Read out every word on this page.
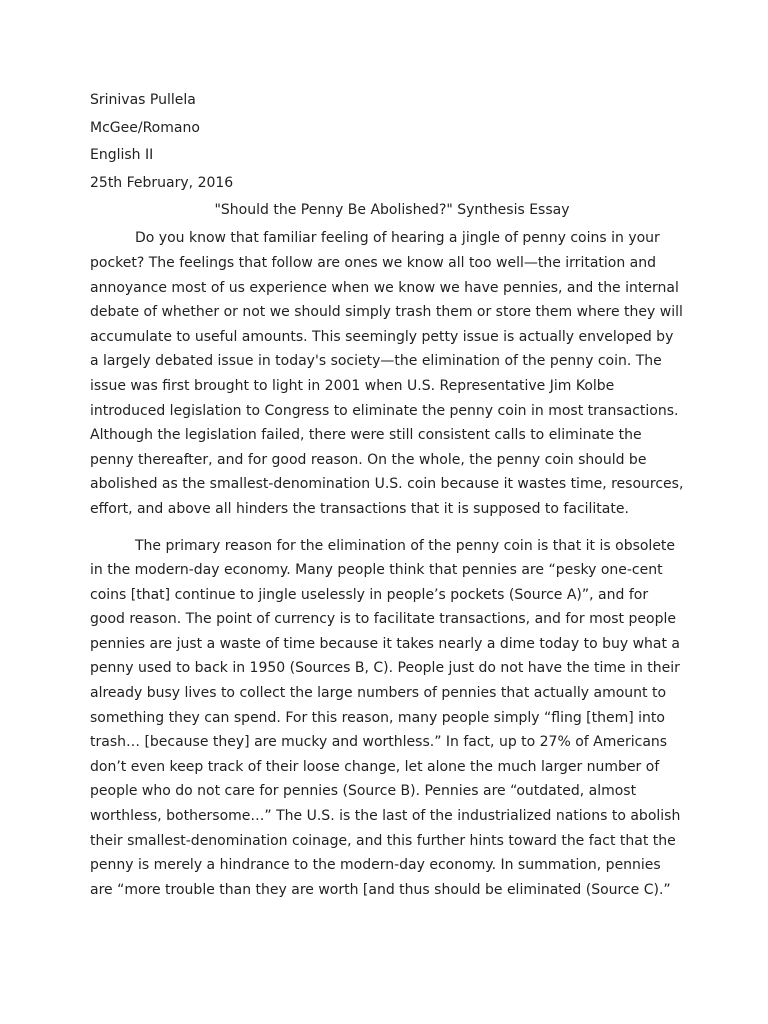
Srinivas Pullela
McGee/Romano
English II
25th February, 2016
"Should the Penny Be Abolished?" Synthesis Essay

Do you know that familiar feeling of hearing a jingle of penny coins in your
pocket? The feelings that follow are ones we know all too well—the irritation and
annoyance most of us experience when we know we have pennies, and the internal
debate of whether or not we should simply trash them or store them where they will
accumulate to useful amounts. This seemingly petty issue is actually enveloped by
a largely debated issue in today's society—the elimination of the penny coin. The
issue was first brought to light in 2001 when U.S. Representative Jim Kolbe
introduced legislation to Congress to eliminate the penny coin in most transactions.
Although the legislation failed, there were still consistent calls to eliminate the
penny thereafter, and for good reason. On the whole, the penny coin should be
abolished as the smallest-denomination U.S. coin because it wastes time, resources,
effort, and above all hinders the transactions that it is supposed to facilitate.

The primary reason for the elimination of the penny coin is that it is obsolete
in the modern-day economy. Many people think that pennies are “pesky one-cent
coins [that] continue to jingle uselessly in people’s pockets (Source A)”, and for
good reason. The point of currency is to facilitate transactions, and for most people
pennies are just a waste of time because it takes nearly a dime today to buy what a
penny used to back in 1950 (Sources B, C). People just do not have the time in their
already busy lives to collect the large numbers of pennies that actually amount to
something they can spend. For this reason, many people simply “fling [them] into
trash… [because they] are mucky and worthless.” In fact, up to 27% of Americans
don’t even keep track of their loose change, let alone the much larger number of
people who do not care for pennies (Source B). Pennies are “outdated, almost
worthless, bothersome…” The U.S. is the last of the industrialized nations to abolish
their smallest-denomination coinage, and this further hints toward the fact that the
penny is merely a hindrance to the modern-day economy. In summation, pennies
are “more trouble than they are worth [and thus should be eliminated (Source C).”
